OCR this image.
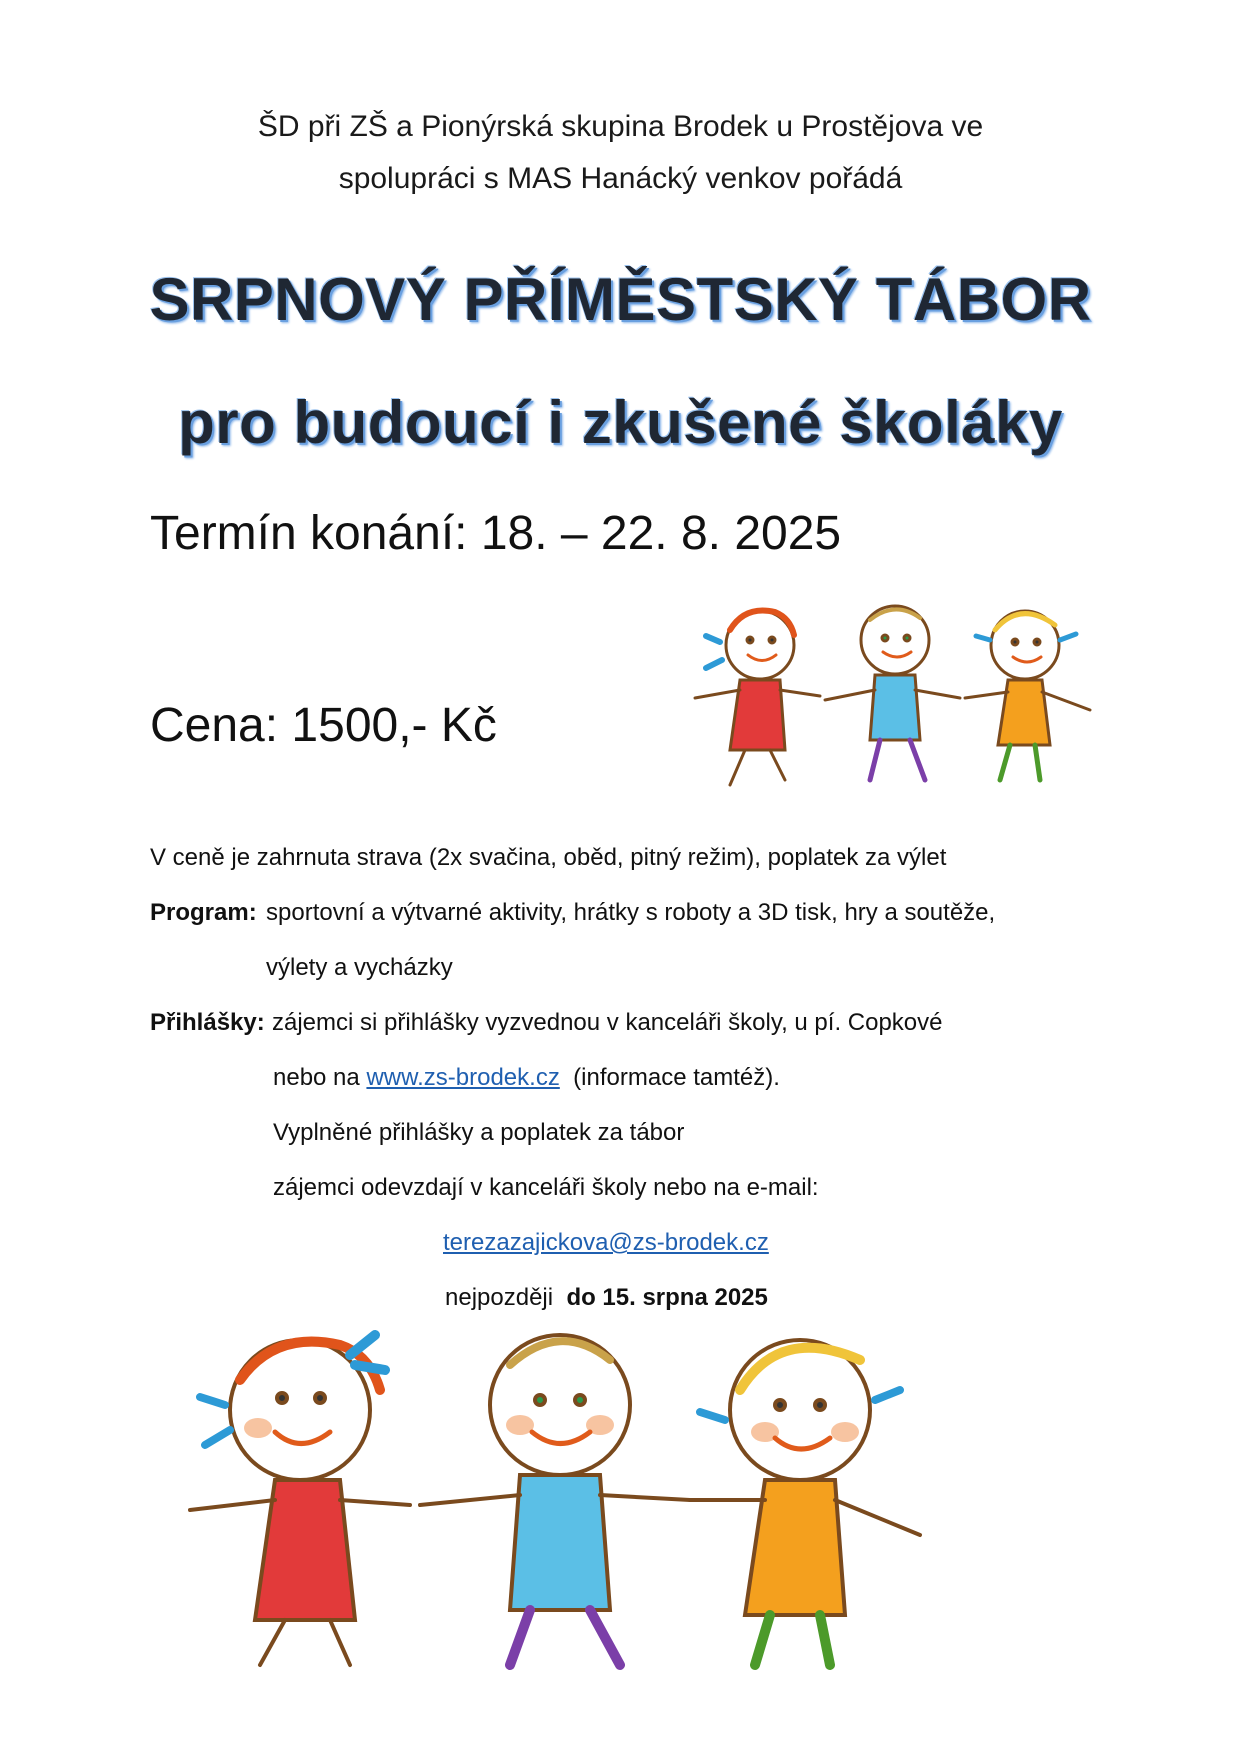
ŠD při ZŠ a Pionýrská skupina Brodek u Prostějova ve
spolupráci s MAS Hanácký venkov pořádá
SRPNOVÝ PŘÍMĚSTSKÝ TÁBOR
pro budoucí i zkušené školáky
Termín konání: 18. – 22. 8. 2025
Cena: 1500,- Kč
V ceně je zahrnuta strava (2x svačina, oběd, pitný režim), poplatek za výlet
Program: sportovní a výtvarné aktivity, hrátky s roboty a 3D tisk, hry a soutěže,
výlety a vycházky
Přihlášky: zájemci si přihlášky vyzvednou v kanceláři školy, u pí. Copkové
nebo na www.zs-brodek.cz (informace tamtéž).
Vyplněné přihlášky a poplatek za tábor
zájemci odevzdají v kanceláři školy nebo na e-mail:
terezazajickova@zs-brodek.cz
nejpozději do 15. srpna 2025
